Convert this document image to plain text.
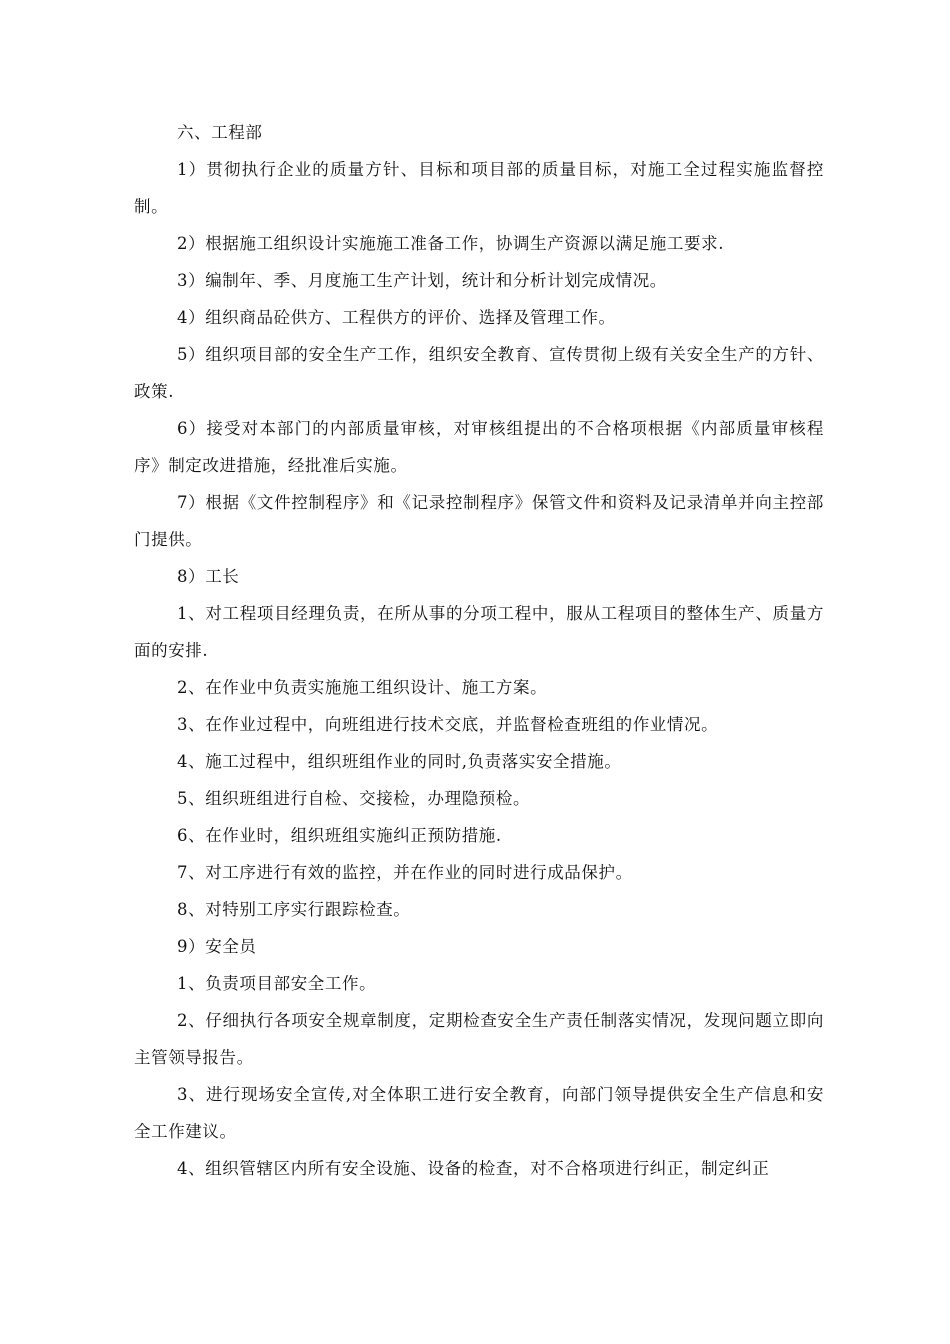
六、工程部

1）贯彻执行企业的质量方针、目标和项目部的质量目标，对施工全过程实施监督控制。

2）根据施工组织设计实施施工准备工作，协调生产资源以满足施工要求.

3）编制年、季、月度施工生产计划，统计和分析计划完成情况。

4）组织商品砼供方、工程供方的评价、选择及管理工作。

5）组织项目部的安全生产工作，组织安全教育、宣传贯彻上级有关安全生产的方针、政策.

6）接受对本部门的内部质量审核，对审核组提出的不合格项根据《内部质量审核程序》制定改进措施，经批准后实施。

7）根据《文件控制程序》和《记录控制程序》保管文件和资料及记录清单并向主控部门提供。

8）工长

1、对工程项目经理负责，在所从事的分项工程中，服从工程项目的整体生产、质量方面的安排.

2、在作业中负责实施施工组织设计、施工方案。

3、在作业过程中，向班组进行技术交底，并监督检查班组的作业情况。

4、施工过程中，组织班组作业的同时,负责落实安全措施。

5、组织班组进行自检、交接检，办理隐预检。

6、在作业时，组织班组实施纠正预防措施.

7、对工序进行有效的监控，并在作业的同时进行成品保护。

8、对特别工序实行跟踪检查。

9）安全员

1、负责项目部安全工作。

2、仔细执行各项安全规章制度，定期检查安全生产责任制落实情况，发现问题立即向主管领导报告。

3、进行现场安全宣传,对全体职工进行安全教育，向部门领导提供安全生产信息和安全工作建议。

4、组织管辖区内所有安全设施、设备的检查，对不合格项进行纠正，制定纠正
